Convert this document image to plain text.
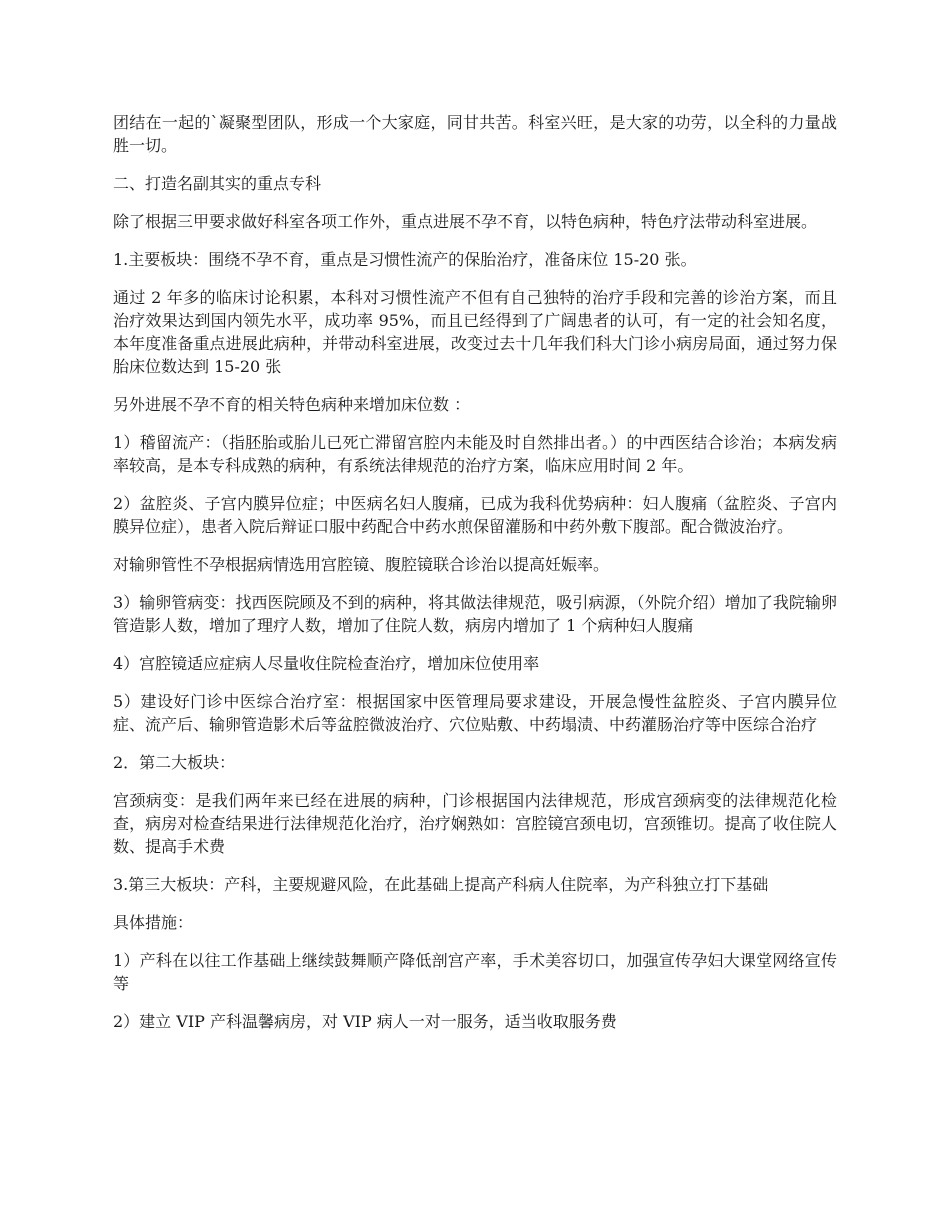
团结在一起的`凝聚型团队，形成一个大家庭，同甘共苦。科室兴旺，是大家的功劳，以全科的力量战胜一切。

二、打造名副其实的重点专科

除了根据三甲要求做好科室各项工作外，重点进展不孕不育，以特色病种，特色疗法带动科室进展。

1.主要板块：围绕不孕不育，重点是习惯性流产的保胎治疗，准备床位 15-20 张。

通过 2 年多的临床讨论积累，本科对习惯性流产不但有自己独特的治疗手段和完善的诊治方案，而且治疗效果达到国内领先水平，成功率 95%，而且已经得到了广阔患者的认可，有一定的社会知名度，本年度准备重点进展此病种，并带动科室进展，改变过去十几年我们科大门诊小病房局面，通过努力保胎床位数达到 15-20 张

另外进展不孕不育的相关特色病种来增加床位数 ：

1）稽留流产：（指胚胎或胎儿已死亡滞留宫腔内未能及时自然排出者。）的中西医结合诊治；本病发病率较高，是本专科成熟的病种，有系统法律规范的治疗方案，临床应用时间 2 年。

2）盆腔炎、子宫内膜异位症；中医病名妇人腹痛，已成为我科优势病种：妇人腹痛（盆腔炎、子宫内膜异位症），患者入院后辩证口服中药配合中药水煎保留灌肠和中药外敷下腹部。配合微波治疗。

对输卵管性不孕根据病情选用宫腔镜、腹腔镜联合诊治以提高妊娠率。

3）输卵管病变：找西医院顾及不到的病种，将其做法律规范，吸引病源，（外院介绍）增加了我院输卵管造影人数，增加了理疗人数，增加了住院人数，病房内增加了 1 个病种妇人腹痛

4）宫腔镜适应症病人尽量收住院检查治疗，增加床位使用率

5）建设好门诊中医综合治疗室：根据国家中医管理局要求建设，开展急慢性盆腔炎、子宫内膜异位症、流产后、输卵管造影术后等盆腔微波治疗、穴位贴敷、中药塌渍、中药灌肠治疗等中医综合治疗

2．第二大板块：

宫颈病变：是我们两年来已经在进展的病种，门诊根据国内法律规范，形成宫颈病变的法律规范化检查，病房对检查结果进行法律规范化治疗，治疗娴熟如：宫腔镜宫颈电切，宫颈锥切。提高了收住院人数、提高手术费

3.第三大板块：产科，主要规避风险，在此基础上提高产科病人住院率，为产科独立打下基础

具体措施：

1）产科在以往工作基础上继续鼓舞顺产降低剖宫产率，手术美容切口，加强宣传孕妇大课堂网络宣传等

2）建立 VIP 产科温馨病房，对 VIP 病人一对一服务，适当收取服务费
